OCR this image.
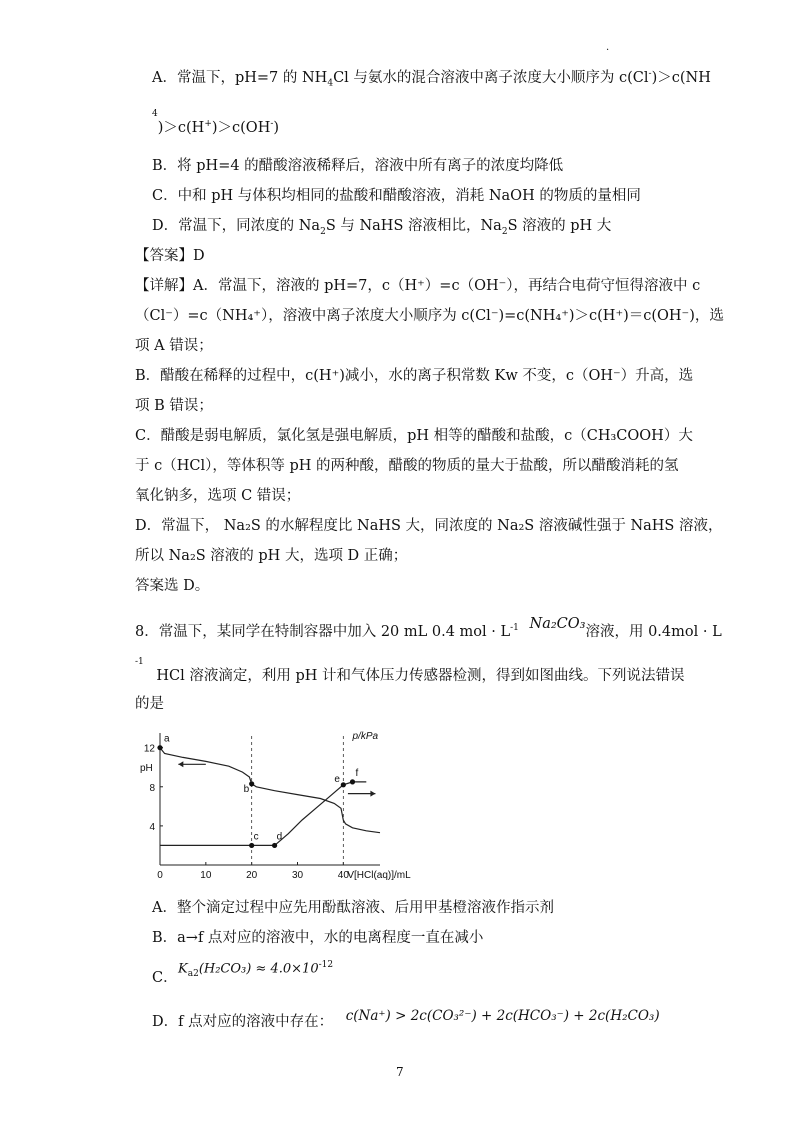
.
A．常温下，pH=7 的 $NH_4Cl$ 与氨水的混合溶液中离子浓度大小顺序为 c(Cl-)＞c(NH
$^4$)＞c(H+)＞c(OH-)
B．将 pH=4 的醋酸溶液稀释后，溶液中所有离子的浓度均降低
C．中和 pH 与体积均相同的盐酸和醋酸溶液，消耗 NaOH 的物质的量相同
D．常温下，同浓度的 $Na_2S$ 与 NaHS 溶液相比，$Na_2S$ 溶液的 pH 大
【答案】D
【详解】A．常温下，溶液的 pH=7，c（H⁺）=c（OH⁻），再结合电荷守恒得溶液中 c
（Cl⁻）=c（NH₄⁺），溶液中离子浓度大小顺序为 c(Cl⁻)=c(NH₄⁺)＞c(H⁺)＝c(OH⁻)，选
项 A 错误；
B．醋酸在稀释的过程中，c(H⁺)减小，水的离子积常数 Kw 不变，c（OH⁻）升高，选
项 B 错误；
C．醋酸是弱电解质，氯化氢是强电解质，pH 相等的醋酸和盐酸，c（CH₃COOH）大
于 c（HCl），等体积等 pH 的两种酸，醋酸的物质的量大于盐酸，所以醋酸消耗的氢
氧化钠多，选项 C 错误；
D．常温下， Na₂S 的水解程度比 NaHS 大，同浓度的 Na₂S 溶液碱性强于 NaHS 溶液，
所以 Na₂S 溶液的 pH 大，选项 D 正确；
答案选 D。
8．常温下，某同学在特制容器中加入 20 mL 0.4 mol · $L^{-1}$ Na₂CO₃溶液，用 0.4mol · L
$^{-1}$ HCl 溶液滴定，利用 pH 计和气体压力传感器检测，得到如图曲线。下列说法错误
的是
0	10	20	30	40
12
8
4
pH
p/kPa
V[HCl(aq)]/mL
a
b
c d
e
f
A．整个滴定过程中应先用酚酞溶液、后用甲基橙溶液作指示剂
B．a→f 点对应的溶液中，水的电离程度一直在减小
$K_{a2}(H_2CO_3) \approx 4.0\times 10^{-12}$
C．
D．f 点对应的溶液中存在： c(Na⁺) > 2c(CO₃²⁻) + 2c(HCO₃⁻) + 2c(H₂CO₃)
7
